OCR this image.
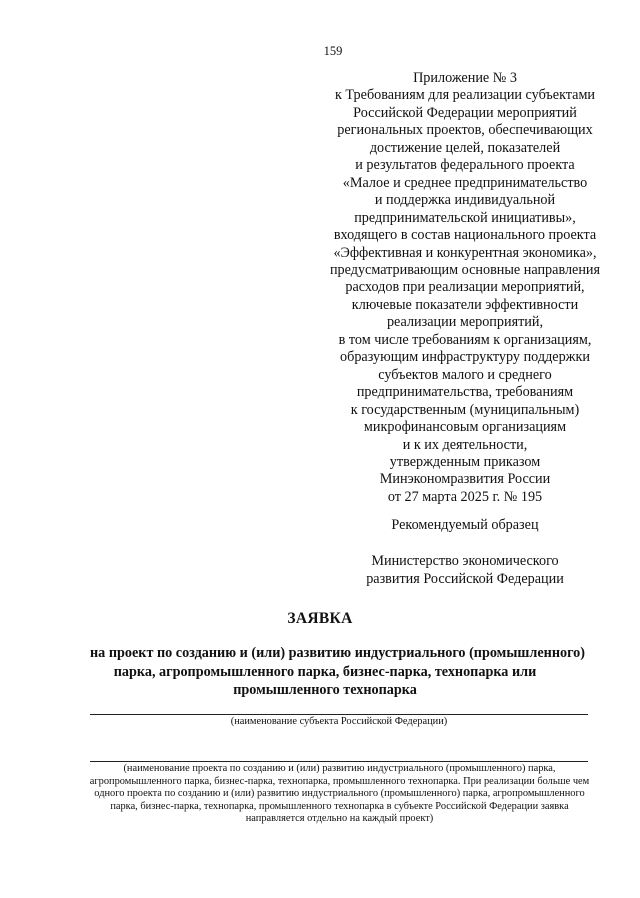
159
Приложение № 3
к Требованиям для реализации субъектами
Российской Федерации мероприятий
региональных проектов, обеспечивающих
достижение целей, показателей
и результатов федерального проекта
«Малое и среднее предпринимательство
и поддержка индивидуальной
предпринимательской инициативы»,
входящего в состав национального проекта
«Эффективная и конкурентная экономика»,
предусматривающим основные направления
расходов при реализации мероприятий,
ключевые показатели эффективности
реализации мероприятий,
в том числе требованиям к организациям,
образующим инфраструктуру поддержки
субъектов малого и среднего
предпринимательства, требованиям
к государственным (муниципальным)
микрофинансовым организациям
и к их деятельности,
утвержденным приказом
Минэкономразвития России
от 27 марта 2025 г. № 195
Рекомендуемый образец
Министерство экономического
развития Российской Федерации
ЗАЯВКА
на проект по созданию и (или) развитию индустриального (промышленного)
парка, агропромышленного парка, бизнес-парка, технопарка или
промышленного технопарка
(наименование субъекта Российской Федерации)
(наименование проекта по созданию и (или) развитию индустриального (промышленного) парка,
агропромышленного парка, бизнес-парка, технопарка, промышленного технопарка. При реализации больше чем
одного проекта по созданию и (или) развитию индустриального (промышленного) парка, агропромышленного
парка, бизнес-парка, технопарка, промышленного технопарка в субъекте Российской Федерации заявка
направляется отдельно на каждый проект)
